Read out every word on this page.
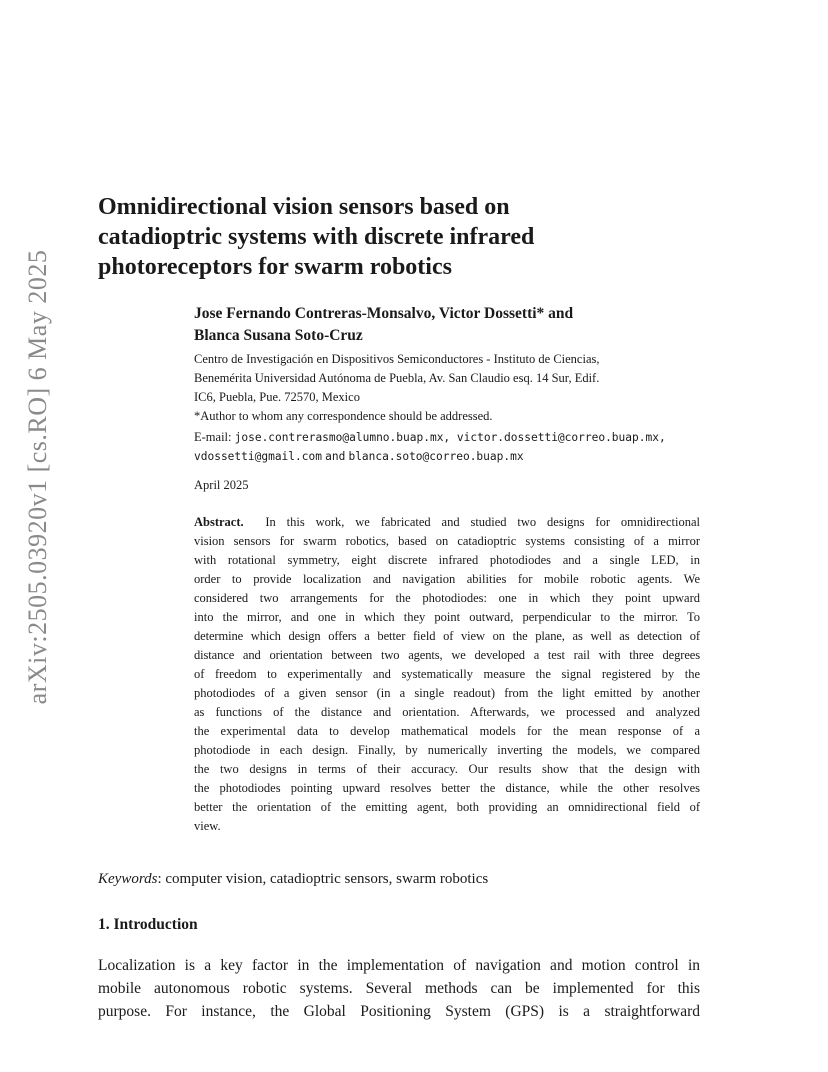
arXiv:2505.03920v1 [cs.RO] 6 May 2025
Omnidirectional vision sensors based on
catadioptric systems with discrete infrared
photoreceptors for swarm robotics
Jose Fernando Contreras-Monsalvo, Victor Dossetti* and
Blanca Susana Soto-Cruz
Centro de Investigación en Dispositivos Semiconductores - Instituto de Ciencias,
Benemérita Universidad Autónoma de Puebla, Av. San Claudio esq. 14 Sur, Edif.
IC6, Puebla, Pue. 72570, Mexico
*Author to whom any correspondence should be addressed.
E-mail: jose.contrerasmo@alumno.buap.mx, victor.dossetti@correo.buap.mx,
vdossetti@gmail.com and blanca.soto@correo.buap.mx
April 2025
Abstract. In this work, we fabricated and studied two designs for omnidirectional
vision sensors for swarm robotics, based on catadioptric systems consisting of a mirror
with rotational symmetry, eight discrete infrared photodiodes and a single LED, in
order to provide localization and navigation abilities for mobile robotic agents. We
considered two arrangements for the photodiodes: one in which they point upward
into the mirror, and one in which they point outward, perpendicular to the mirror. To
determine which design offers a better field of view on the plane, as well as detection of
distance and orientation between two agents, we developed a test rail with three degrees
of freedom to experimentally and systematically measure the signal registered by the
photodiodes of a given sensor (in a single readout) from the light emitted by another
as functions of the distance and orientation. Afterwards, we processed and analyzed
the experimental data to develop mathematical models for the mean response of a
photodiode in each design. Finally, by numerically inverting the models, we compared
the two designs in terms of their accuracy. Our results show that the design with
the photodiodes pointing upward resolves better the distance, while the other resolves
better the orientation of the emitting agent, both providing an omnidirectional field of
view.
Keywords: computer vision, catadioptric sensors, swarm robotics
1. Introduction
Localization is a key factor in the implementation of navigation and motion control in
mobile autonomous robotic systems. Several methods can be implemented for this
purpose. For instance, the Global Positioning System (GPS) is a straightforward
